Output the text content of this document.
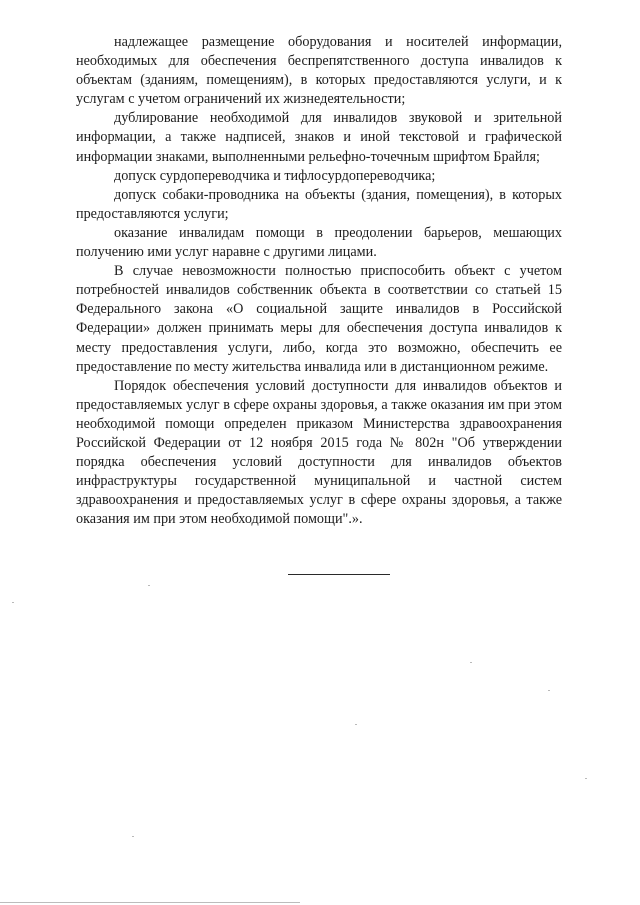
надлежащее размещение оборудования и носителей информации, необходимых для обеспечения беспрепятственного доступа инвалидов к объектам (зданиям, помещениям), в которых предоставляются услуги, и к услугам с учетом ограничений их жизнедеятельности;

дублирование необходимой для инвалидов звуковой и зрительной информации, а также надписей, знаков и иной текстовой и графической информации знаками, выполненными рельефно-точечным шрифтом Брайля;

допуск сурдопереводчика и тифлосурдопереводчика;

допуск собаки-проводника на объекты (здания, помещения), в которых предоставляются услуги;

оказание инвалидам помощи в преодолении барьеров, мешающих получению ими услуг наравне с другими лицами.

В случае невозможности полностью приспособить объект с учетом потребностей инвалидов собственник объекта в соответствии со статьей 15 Федерального закона «О социальной защите инвалидов в Российской Федерации» должен принимать меры для обеспечения доступа инвалидов к месту предоставления услуги, либо, когда это возможно, обеспечить ее предоставление по месту жительства инвалида или в дистанционном режиме.

Порядок обеспечения условий доступности для инвалидов объектов и предоставляемых услуг в сфере охраны здоровья, а также оказания им при этом необходимой помощи определен приказом Министерства здравоохранения Российской Федерации от 12 ноября 2015 года № 802н "Об утверждении порядка обеспечения условий доступности для инвалидов объектов инфраструктуры государственной муниципальной и частной систем здравоохранения и предоставляемых услуг в сфере охраны здоровья, а также оказания им при этом необходимой помощи".».
